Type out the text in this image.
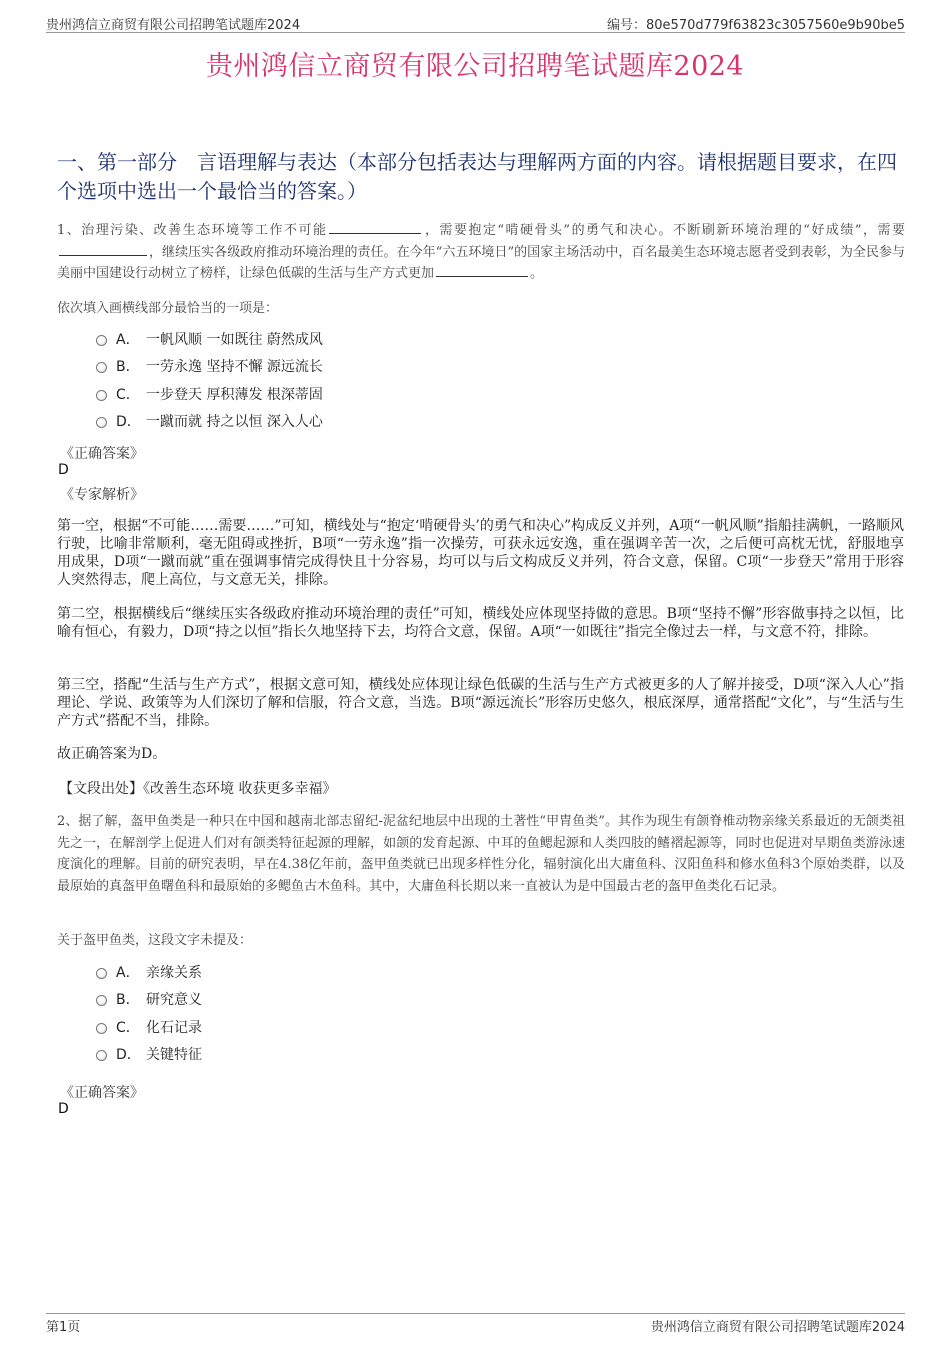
贵州鸿信立商贸有限公司招聘笔试题库2024	编号：80e570d779f63823c3057560e9b90be5
贵州鸿信立商贸有限公司招聘笔试题库2024
一、第一部分　言语理解与表达（本部分包括表达与理解两方面的内容。请根据题目要求，在四个选项中选出一个最恰当的答案。）
1、治理污染、改善生态环境等工作不可能	，需要抱定“啃硬骨头”的勇气和决心。不断刷新环境治理的“好成绩”，需要，继续压实各级政府推动环境治理的责任。在今年“六五环境日”的国家主场活动中，百名最美生态环境志愿者受到表彰，为全民参与美丽中国建设行动树立了榜样，让绿色低碳的生活与生产方式更加	。
依次填入画横线部分最恰当的一项是：
A． 一帆风顺 一如既往 蔚然成风
B． 一劳永逸 坚持不懈 源远流长
C． 一步登天 厚积薄发 根深蒂固
D． 一蹴而就 持之以恒 深入人心
《正确答案》
D
《专家解析》
第一空，根据“不可能……需要……”可知，横线处与“抱定‘啃硬骨头’的勇气和决心”构成反义并列，A项“一帆风顺”指船挂满帆，一路顺风行驶，比喻非常顺利，毫无阻碍或挫折，B项“一劳永逸”指一次操劳，可获永远安逸，重在强调辛苦一次，之后便可高枕无忧，舒服地享用成果，D项“一蹴而就”重在强调事情完成得快且十分容易，均可以与后文构成反义并列，符合文意，保留。C项“一步登天”常用于形容人突然得志，爬上高位，与文意无关，排除。
第二空，根据横线后“继续压实各级政府推动环境治理的责任”可知，横线处应体现坚持做的意思。B项“坚持不懈”形容做事持之以恒，比喻有恒心，有毅力，D项“持之以恒”指长久地坚持下去，均符合文意，保留。A项“一如既往”指完全像过去一样，与文意不符，排除。
第三空，搭配“生活与生产方式”，根据文意可知，横线处应体现让绿色低碳的生活与生产方式被更多的人了解并接受，D项“深入人心”指理论、学说、政策等为人们深切了解和信服，符合文意，当选。B项“源远流长”形容历史悠久，根底深厚，通常搭配“文化”，与“生活与生产方式”搭配不当，排除。
故正确答案为D。
【文段出处】《改善生态环境 收获更多幸福》
2、据了解，盔甲鱼类是一种只在中国和越南北部志留纪-泥盆纪地层中出现的土著性“甲胄鱼类”。其作为现生有颌脊椎动物亲缘关系最近的无颌类祖先之一，在解剖学上促进人们对有颌类特征起源的理解，如颌的发育起源、中耳的鱼鳃起源和人类四肢的鳍褶起源等，同时也促进对早期鱼类游泳速度演化的理解。目前的研究表明，早在4.38亿年前，盔甲鱼类就已出现多样性分化，辐射演化出大庸鱼科、汉阳鱼科和修水鱼科3个原始类群，以及最原始的真盔甲鱼曙鱼科和最原始的多鳃鱼古木鱼科。其中，大庸鱼科长期以来一直被认为是中国最古老的盔甲鱼类化石记录。
关于盔甲鱼类，这段文字未提及：
A． 亲缘关系
B． 研究意义
C． 化石记录
D． 关键特征
《正确答案》
D
第1页	贵州鸿信立商贸有限公司招聘笔试题库2024
